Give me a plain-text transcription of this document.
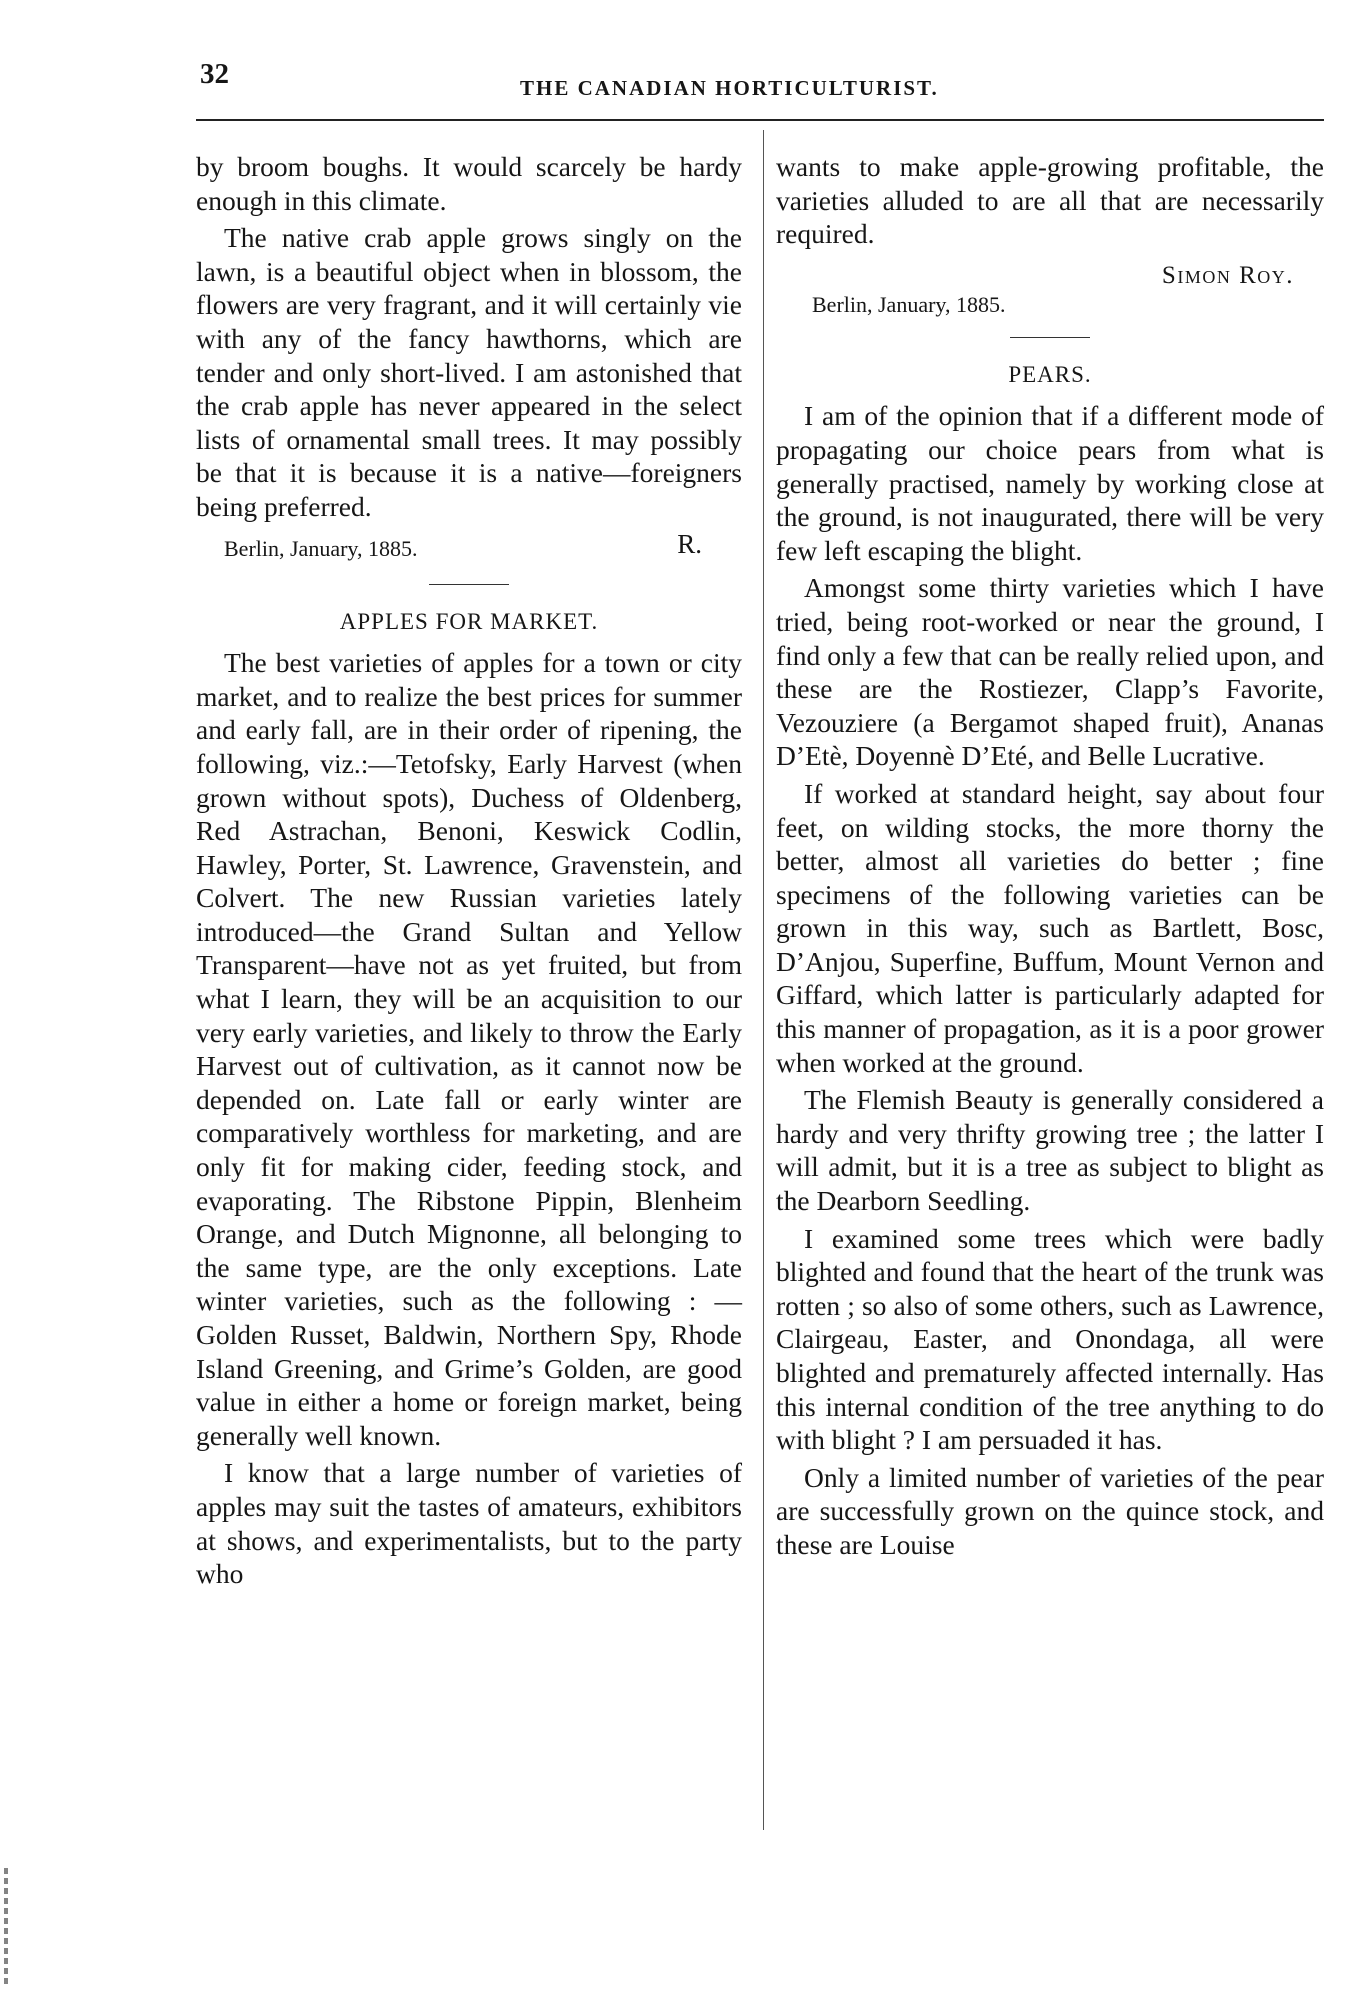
32	THE CANADIAN HORTICULTURIST.

by broom boughs. It would scarcely be hardy enough in this climate.

The native crab apple grows singly on the lawn, is a beautiful object when in blossom, the flowers are very fragrant, and it will certainly vie with any of the fancy hawthorns, which are tender and only short-lived. I am astonished that the crab apple has never appeared in the select lists of ornamental small trees. It may possibly be that it is because it is a native—foreigners being preferred.

Berlin, January, 1885.	R.
APPLES FOR MARKET.

The best varieties of apples for a town or city market, and to realize the best prices for summer and early fall, are in their order of ripening, the following, viz.:—Tetofsky, Early Harvest (when grown without spots), Duchess of Oldenberg, Red Astrachan, Benoni, Keswick Codlin, Hawley, Porter, St. Lawrence, Gravenstein, and Colvert. The new Russian varieties lately introduced—the Grand Sultan and Yellow Transparent—have not as yet fruited, but from what I learn, they will be an acquisition to our very early varieties, and likely to throw the Early Harvest out of cultivation, as it cannot now be depended on. Late fall or early winter are comparatively worthless for marketing, and are only fit for making cider, feeding stock, and evaporating. The Ribstone Pippin, Blenheim Orange, and Dutch Mignonne, all belonging to the same type, are the only exceptions. Late winter varieties, such as the following : — Golden Russet, Baldwin, Northern Spy, Rhode Island Greening, and Grime’s Golden, are good value in either a home or foreign market, being generally well known.

I know that a large number of varieties of apples may suit the tastes of amateurs, exhibitors at shows, and experimentalists, but to the party who

wants to make apple-growing profitable, the varieties alluded to are all that are necessarily required.

Simon Roy.
Berlin, January, 1885.
PEARS.

I am of the opinion that if a different mode of propagating our choice pears from what is generally practised, namely by working close at the ground, is not inaugurated, there will be very few left escaping the blight.

Amongst some thirty varieties which I have tried, being root-worked or near the ground, I find only a few that can be really relied upon, and these are the Rostiezer, Clapp’s Favorite, Vezouziere (a Bergamot shaped fruit), Ananas D’Etè, Doyennè D’Eté, and Belle Lucrative.

If worked at standard height, say about four feet, on wilding stocks, the more thorny the better, almost all varieties do better ; fine specimens of the following varieties can be grown in this way, such as Bartlett, Bosc, D’Anjou, Superfine, Buffum, Mount Vernon and Giffard, which latter is particularly adapted for this manner of propagation, as it is a poor grower when worked at the ground.

The Flemish Beauty is generally considered a hardy and very thrifty growing tree ; the latter I will admit, but it is a tree as subject to blight as the Dearborn Seedling.

I examined some trees which were badly blighted and found that the heart of the trunk was rotten ; so also of some others, such as Lawrence, Clairgeau, Easter, and Onondaga, all were blighted and prematurely affected internally. Has this internal condition of the tree anything to do with blight ? I am persuaded it has.

Only a limited number of varieties of the pear are successfully grown on the quince stock, and these are Louise
